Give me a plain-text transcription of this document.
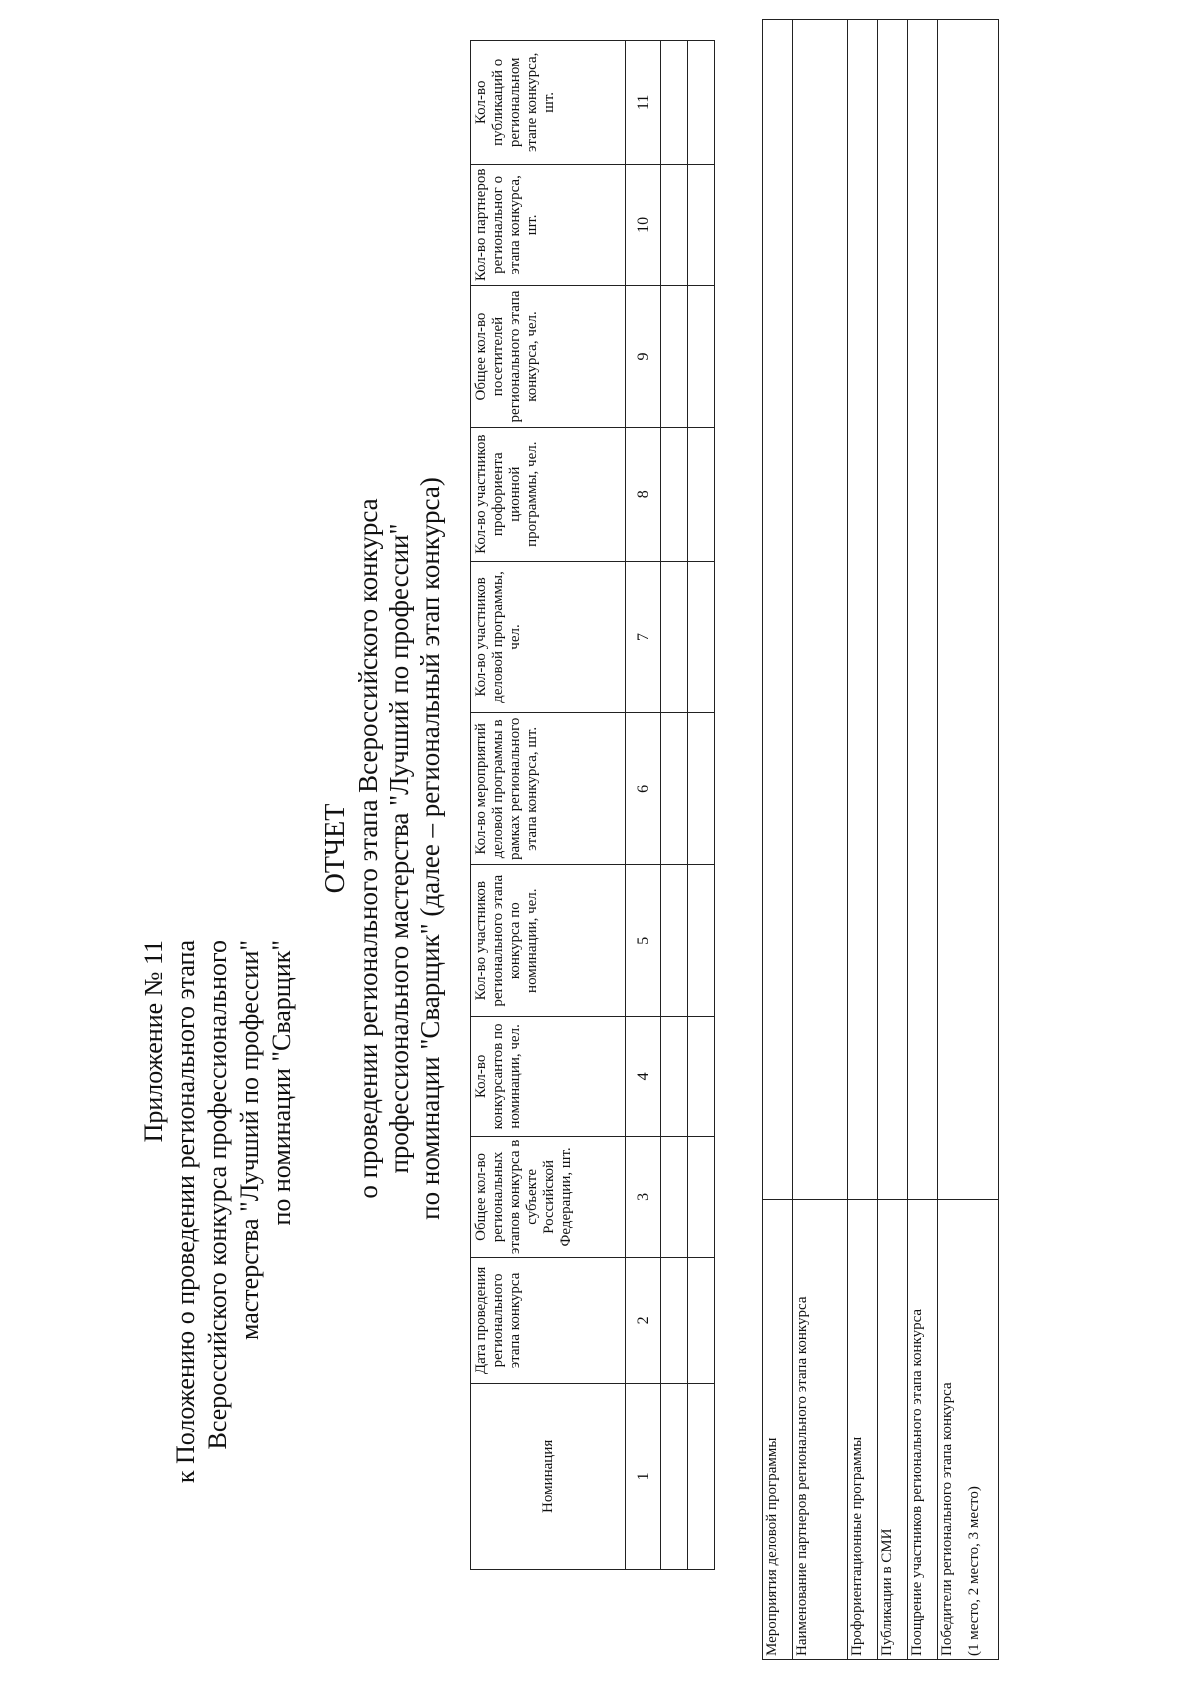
Приложение № 11 к Положению о проведении регионального этапа Всероссийского конкурса профессионального мастерства "Лучший по профессии" по номинации "Сварщик"
ОТЧЕТ о проведении регионального этапа Всероссийского конкурса профессионального мастерства "Лучший по профессии" по номинации "Сварщик" (далее – региональный этап конкурса)
Номинация	Дата проведения регионального этапа конкурса	Общее кол-во региональных этапов конкурса в субъекте Российской Федерации, шт.	Кол-во конкурсантов по номинации, чел.	Кол-во участников регионального этапа конкурса по номинации, чел.	Кол-во мероприятий деловой программы в рамках регионального этапа конкурса, шт.	Кол-во участников деловой программы, чел.	Кол-во участников профориента ционной программы, чел.	Общее кол-во посетителей регионального этапа конкурса, чел.	Кол-во партнеров региональног о этапа конкурса, шт.	Кол-во публикаций о региональном этапе конкурса, шт.
1	2	3	4	5	6	7	8	9	10	11

Мероприятия деловой программы	
Наименование партнеров регионального этапа конкурса	
Профориентационные программы	
Публикации в СМИ	
Поощрение участников регионального этапа конкурса	

Победители регионального этапа конкурса (1 место, 2 место, 3 место)	
